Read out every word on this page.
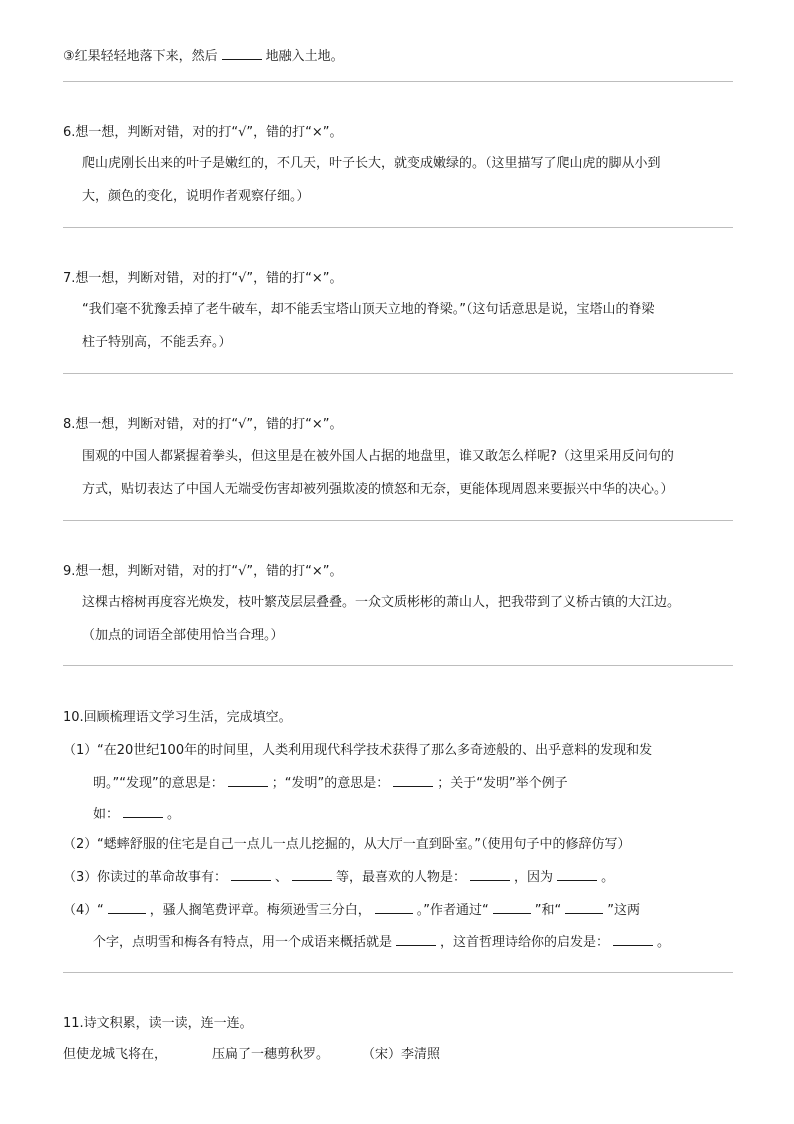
③红果轻轻地落下来，然后	地融入土地。
6.想一想，判断对错，对的打“√”，错的打“×”。
爬山虎刚长出来的叶子是嫩红的，不几天，叶子长大，就变成嫩绿的。（这里描写了爬山虎的脚从小到
大，颜色的变化，说明作者观察仔细。）
7.想一想，判断对错，对的打“√”，错的打“×”。
“我们毫不犹豫丢掉了老牛破车，却不能丢宝塔山顶天立地的脊梁。”（这句话意思是说，宝塔山的脊梁
柱子特别高，不能丢弃。）
8.想一想，判断对错，对的打“√”，错的打“×”。
围观的中国人都紧握着拳头，但这里是在被外国人占据的地盘里，谁又敢怎么样呢?（这里采用反问句的
方式，贴切表达了中国人无端受伤害却被列强欺凌的愤怒和无奈，更能体现周恩来要振兴中华的决心。）
9.想一想，判断对错，对的打“√”，错的打“×”。
这棵古榕树再度容光焕发，枝叶繁茂层层叠叠。一众文质彬彬的萧山人，把我带到了义桥古镇的大江边。
（加点的词语全部使用恰当合理。）
10.回顾梳理语文学习生活，完成填空。
（1）“在20世纪100年的时间里，人类利用现代科学技术获得了那么多奇迹般的、出乎意料的发现和发
明。”“发现”的意思是：	；“发明”的意思是：	；关于“发明”举个例子
如：	。
（2）“蟋蟀舒服的住宅是自己一点儿一点儿挖掘的，从大厅一直到卧室。”（使用句子中的修辞仿写）
（3）你读过的革命故事有：	、	等，最喜欢的人物是：	，因为	。
（4）“	，骚人搁笔费评章。梅须逊雪三分白，	。”作者通过“	”和“	”这两
个字，点明雪和梅各有特点，用一个成语来概括就是	，这首哲理诗给你的启发是：	。
11.诗文积累，读一读，连一连。
但使龙城飞将在，	压扁了一穗剪秋罗。	（宋）李清照
